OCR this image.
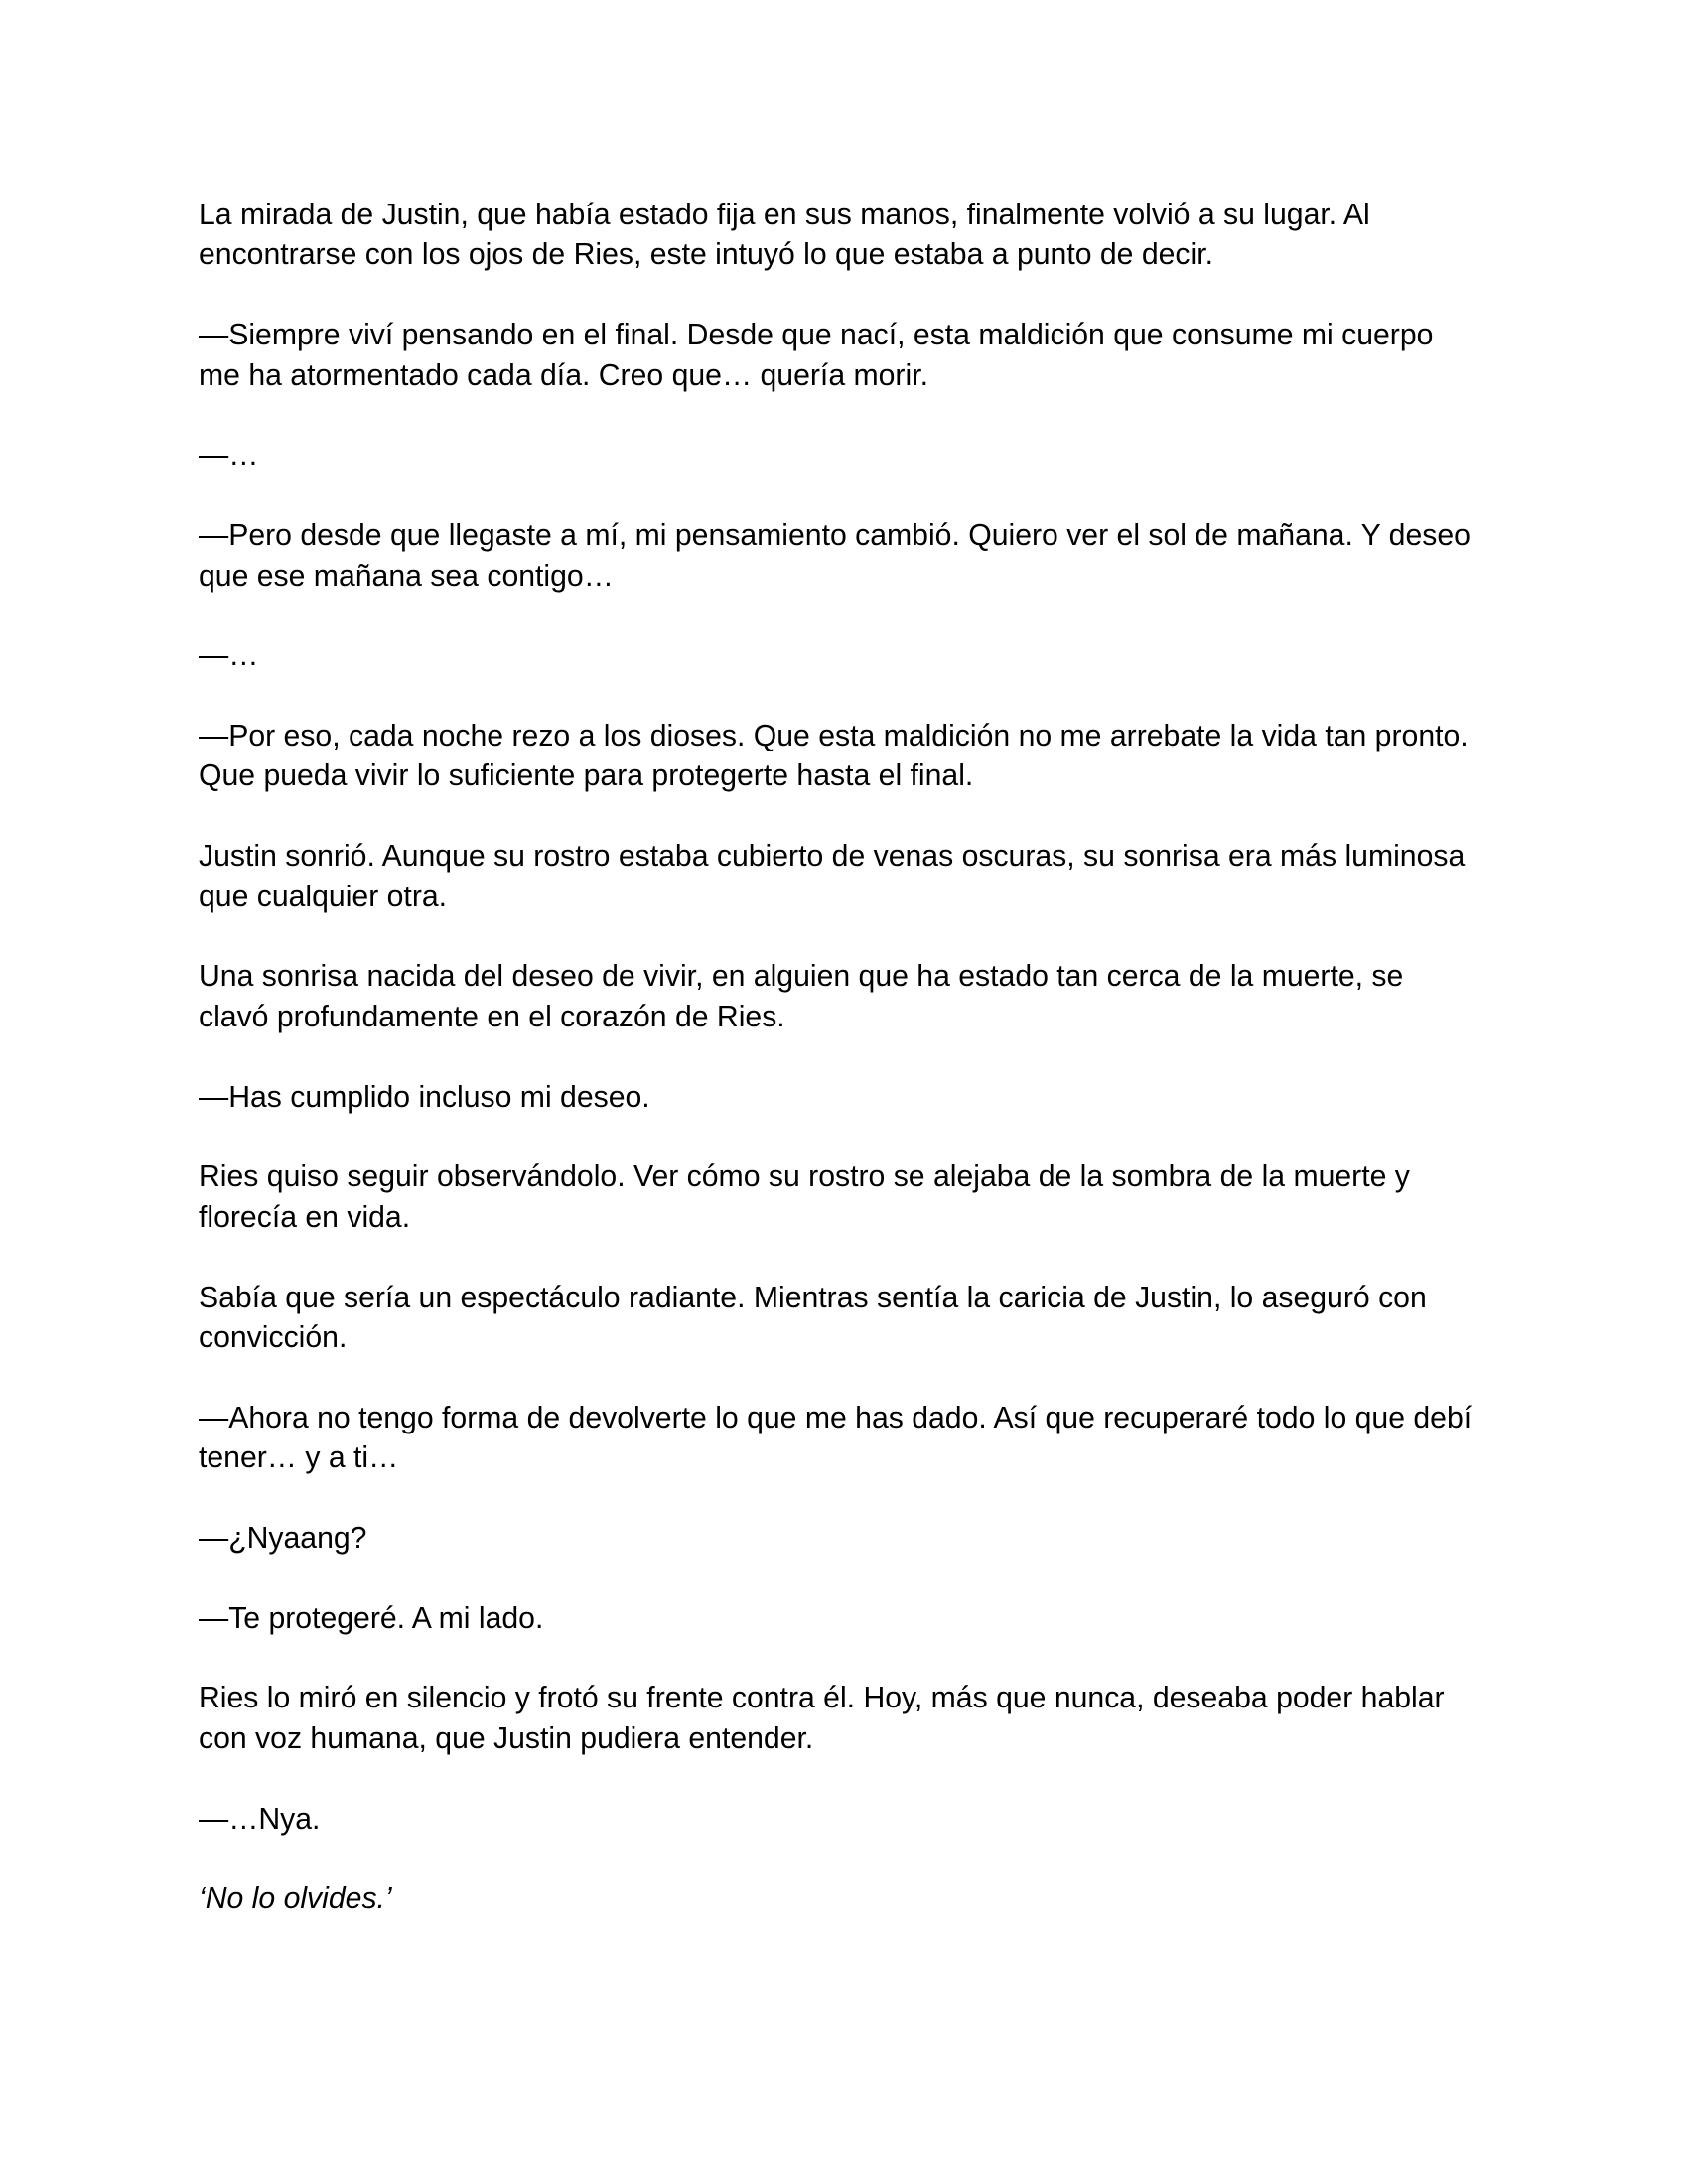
La mirada de Justin, que había estado fija en sus manos, finalmente volvió a su lugar. Al
encontrarse con los ojos de Ries, este intuyó lo que estaba a punto de decir.

—Siempre viví pensando en el final. Desde que nací, esta maldición que consume mi cuerpo
me ha atormentado cada día. Creo que… quería morir.

—…

—Pero desde que llegaste a mí, mi pensamiento cambió. Quiero ver el sol de mañana. Y deseo
que ese mañana sea contigo…

—…

—Por eso, cada noche rezo a los dioses. Que esta maldición no me arrebate la vida tan pronto.
Que pueda vivir lo suficiente para protegerte hasta el final.

Justin sonrió. Aunque su rostro estaba cubierto de venas oscuras, su sonrisa era más luminosa
que cualquier otra.

Una sonrisa nacida del deseo de vivir, en alguien que ha estado tan cerca de la muerte, se
clavó profundamente en el corazón de Ries.

—Has cumplido incluso mi deseo.

Ries quiso seguir observándolo. Ver cómo su rostro se alejaba de la sombra de la muerte y
florecía en vida.

Sabía que sería un espectáculo radiante. Mientras sentía la caricia de Justin, lo aseguró con
convicción.

—Ahora no tengo forma de devolverte lo que me has dado. Así que recuperaré todo lo que debí
tener… y a ti…

—¿Nyaang?

—Te protegeré. A mi lado.

Ries lo miró en silencio y frotó su frente contra él. Hoy, más que nunca, deseaba poder hablar
con voz humana, que Justin pudiera entender.

—…Nya.

‘No lo olvides.’
